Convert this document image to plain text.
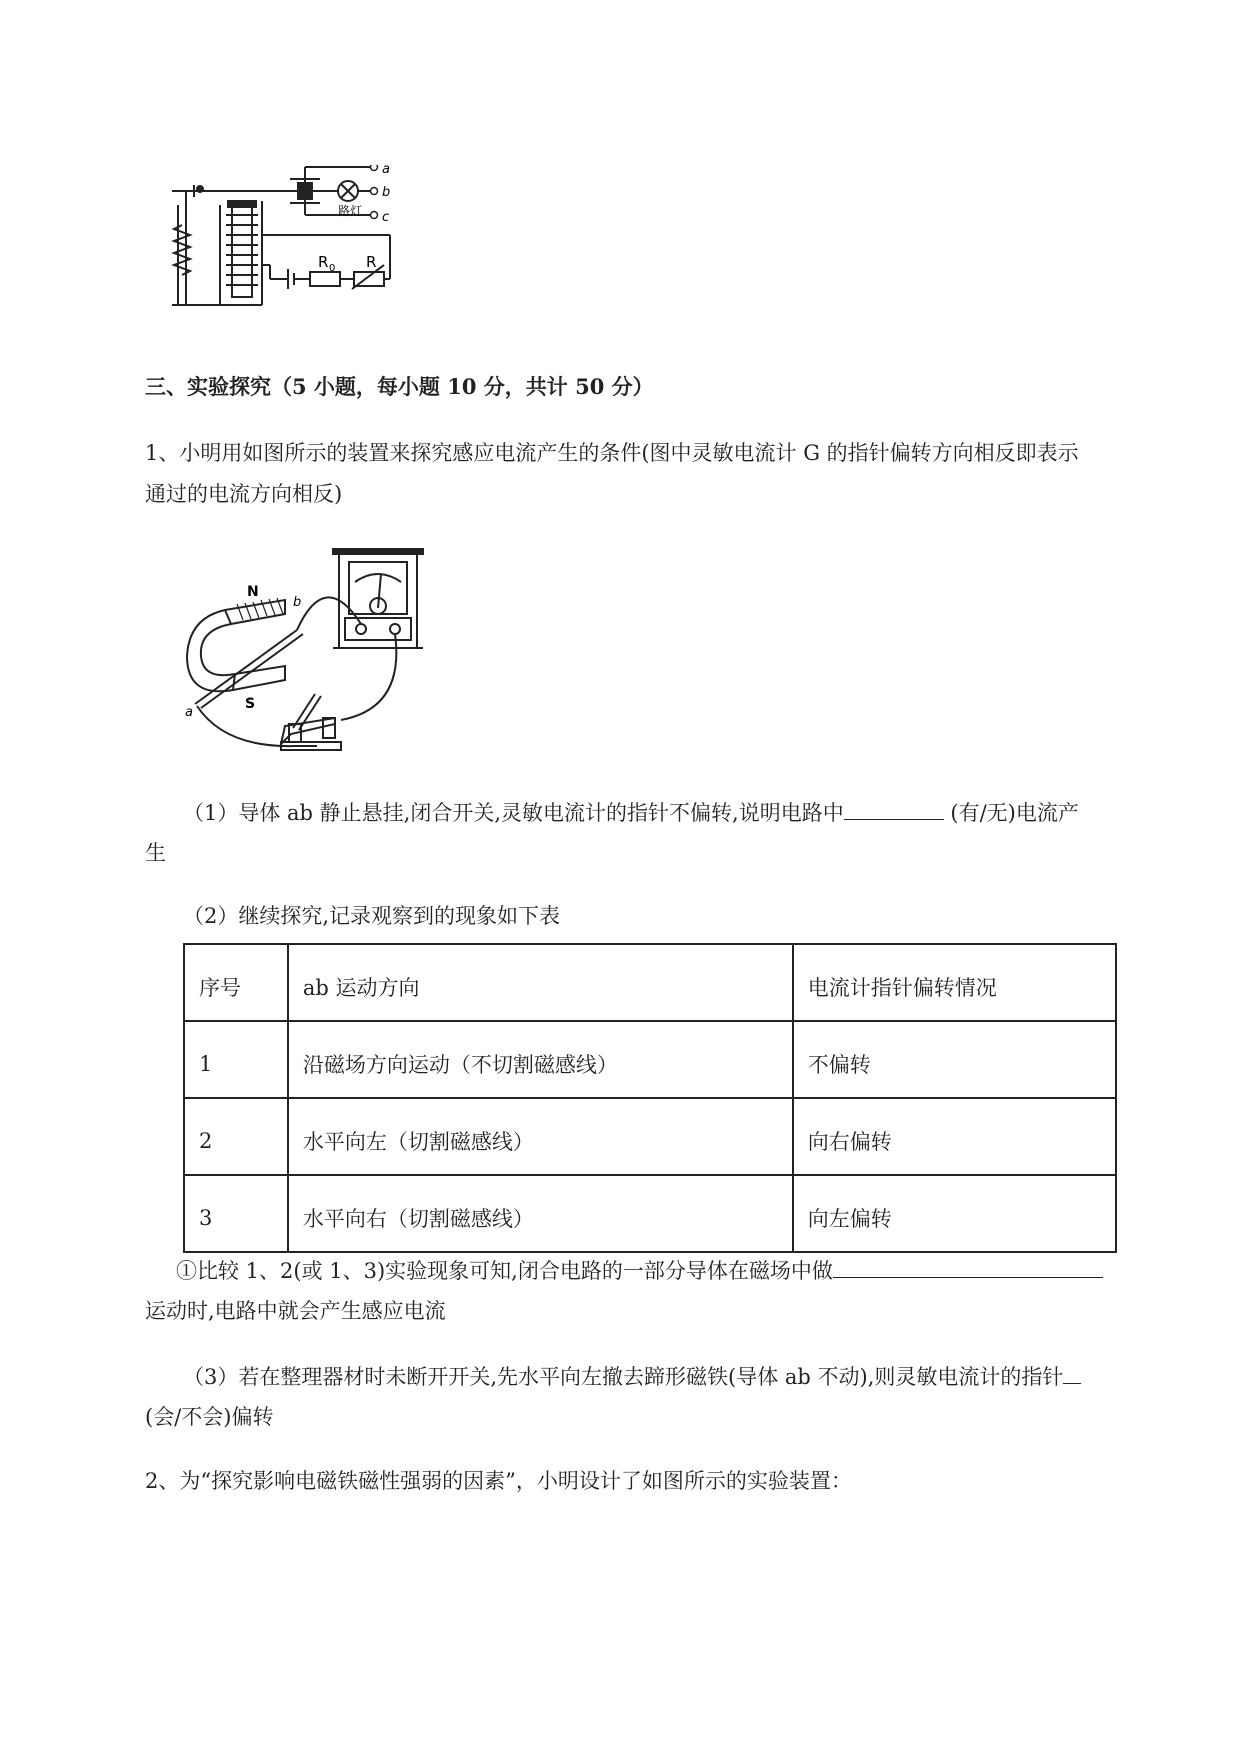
a
b
c
路灯
R 0 R
三、实验探究（5 小题，每小题 10 分，共计 50 分）
1、小明用如图所示的装置来探究感应电流产生的条件(图中灵敏电流计 G 的指针偏转方向相反即表示
通过的电流方向相反)
N
S
a
b
（1）导体 ab 静止悬挂,闭合开关,灵敏电流计的指针不偏转,说明电路中	(有/无)电流产
生
（2）继续探究,记录观察到的现象如下表
序号	ab 运动方向	电流计指针偏转情况
1	沿磁场方向运动（不切割磁感线）	不偏转
2	水平向左（切割磁感线）	向右偏转
3	水平向右（切割磁感线）	向左偏转
①比较 1、2(或 1、3)实验现象可知,闭合电路的一部分导体在磁场中做
运动时,电路中就会产生感应电流
（3）若在整理器材时未断开开关,先水平向左撤去蹄形磁铁(导体 ab 不动),则灵敏电流计的指针
(会/不会)偏转
2、为“探究影响电磁铁磁性强弱的因素”，小明设计了如图所示的实验装置：
